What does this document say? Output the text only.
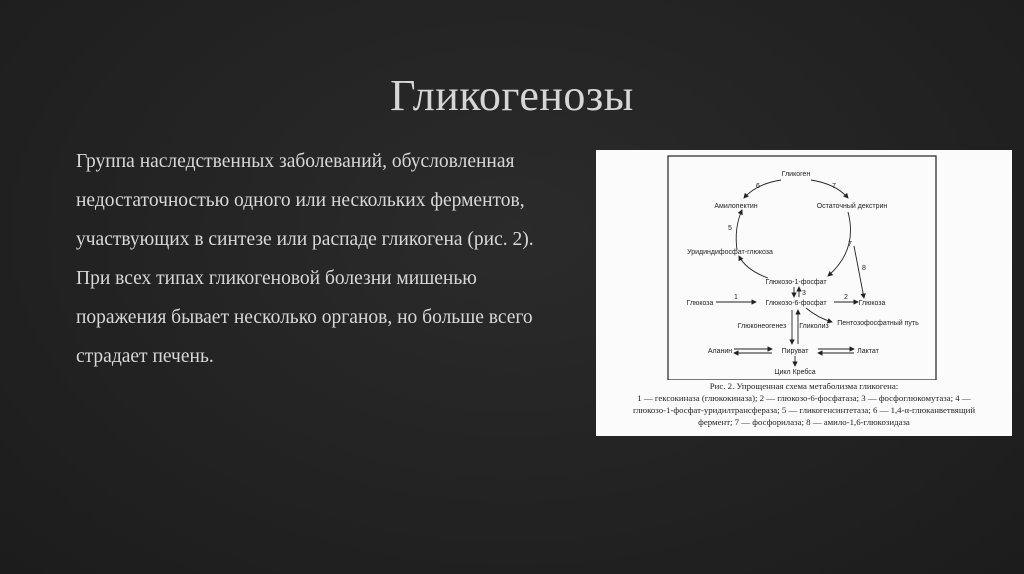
Гликогенозы
Группа наследственных заболеваний, обусловленная
недостаточностью одного или нескольких ферментов,
участвующих в синтезе или распаде гликогена (рис. 2).
При всех типах гликогеновой болезни мишенью
поражения бывает несколько органов, но больше всего
страдает печень.
Гликоген
Амилопектин	Остаточный декстрин
Уридиндифосфат-глюкоза
Глюкозо-1-фосфат
Глюкоза	Глюкозо-6-фосфат	Глюкоза
Глюконеогенез Гликолиз Пентозофосфатный путь
Аланин	Пируват	Лактат
Цикл Кребса
1	2
3
5
6	7
7
8
Рис. 2. Упрощенная схема метаболизма гликогена:
1 — гексокиназа (глюкокиназа); 2 — глюкозо-6-фосфатаза; 3 — фосфоглюкомутаза; 4 —
глюкозо-1-фосфат-уридилтрансфераза; 5 — гликогенсинтетаза; 6 — 1,4-α-глюканветвящий
фермент; 7 — фосфорилаза; 8 — амило-1,6-глюкозидаза
